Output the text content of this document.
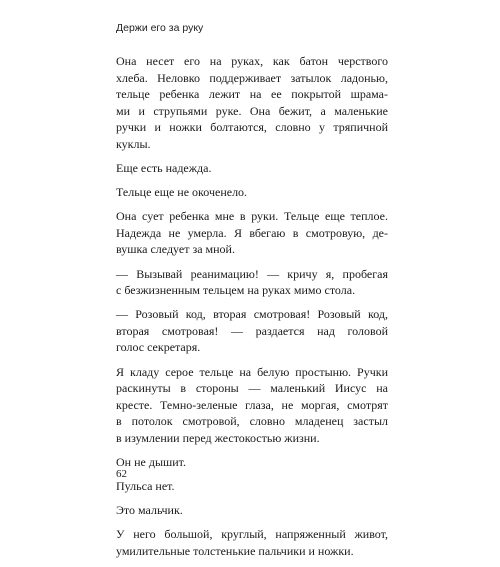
Держи его за руку

Она несет его на руках, как батон черствого
хлеба. Неловко поддерживает затылок ладонью,
тельце ребенка лежит на ее покрытой шрама-
ми и струпьями руке. Она бежит, а маленькие
ручки и ножки болтаются, словно у тряпичной
куклы.

Еще есть надежда.

Тельце еще не окоченело.

Она сует ребенка мне в руки. Тельце еще теплое.
Надежда не умерла. Я вбегаю в смотровую, де-
вушка следует за мной.

— Вызывай реанимацию! — кричу я, пробегая
с безжизненным тельцем на руках мимо стола.

— Розовый код, вторая смотровая! Розовый код,
вторая смотровая! — раздается над головой
голос секретаря.

Я кладу серое тельце на белую простыню. Ручки
раскинуты в стороны — маленький Иисус на
кресте. Темно-зеленые глаза, не моргая, смотрят
в потолок смотровой, словно младенец застыл
в изумлении перед жестокостью жизни.

Он не дышит.

Пульса нет.

Это мальчик.

У него большой, круглый, напряженный живот,
умилительные толстенькие пальчики и ножки.

62
